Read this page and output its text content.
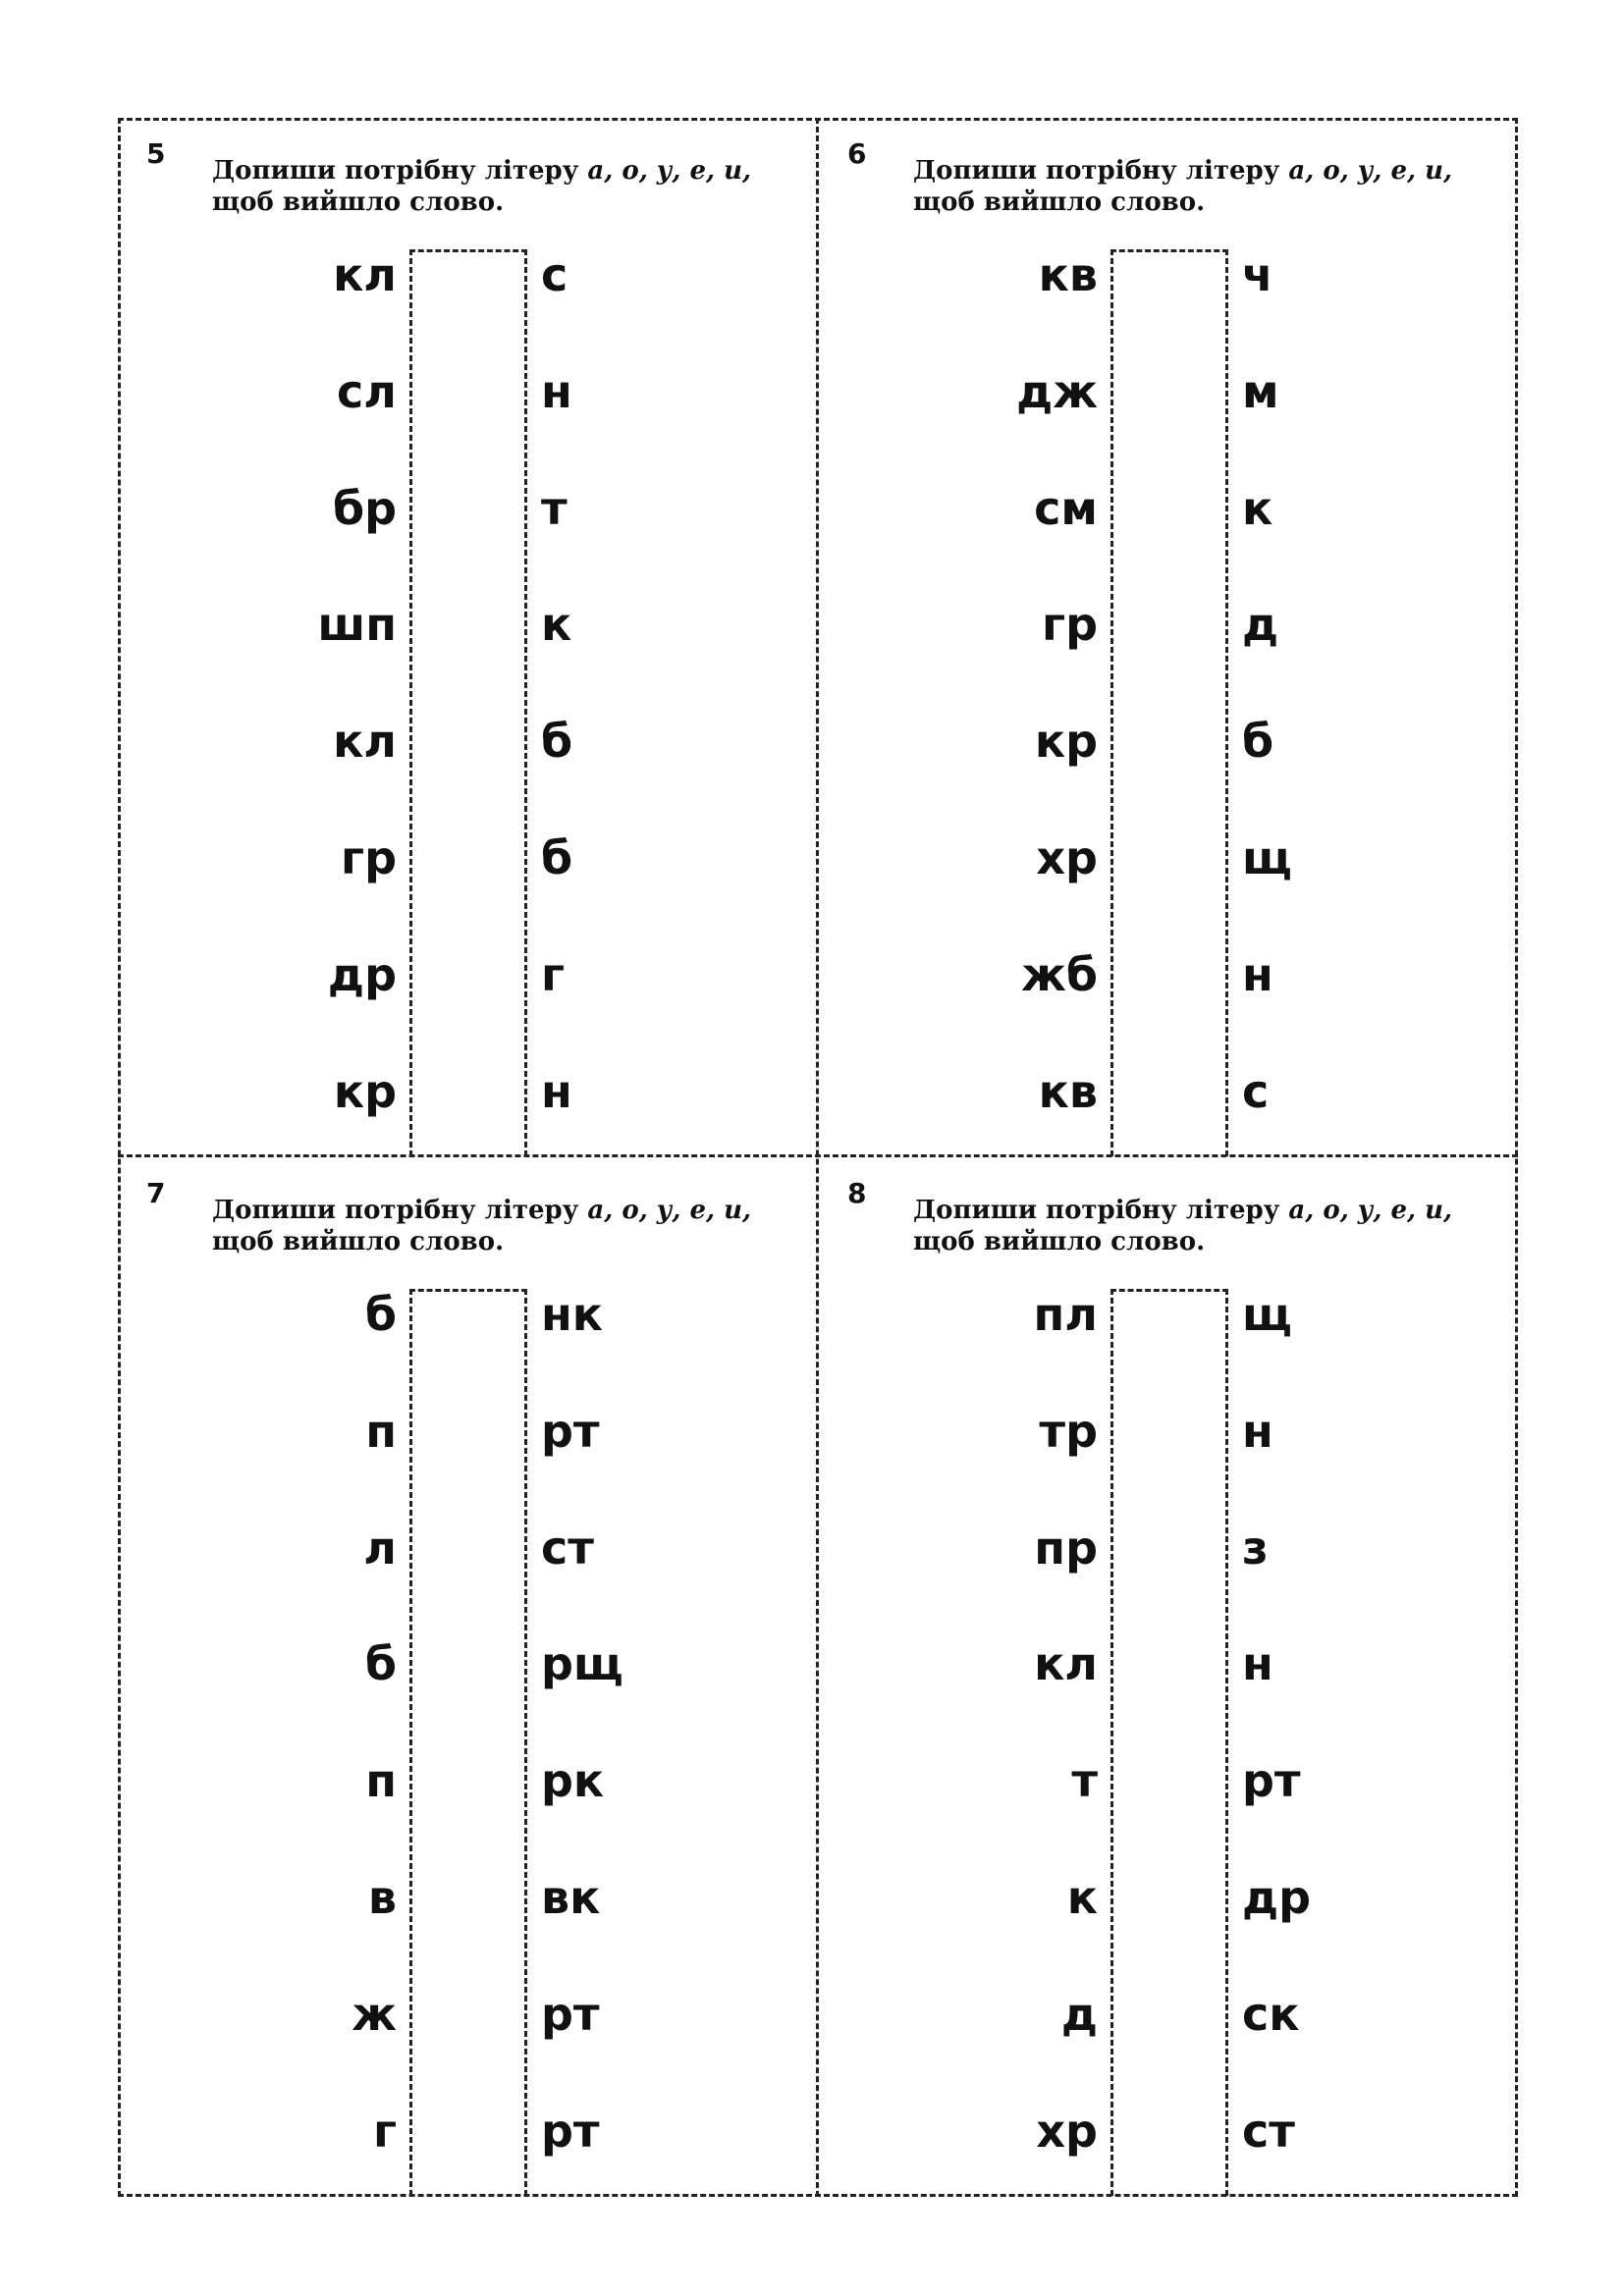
5
Допиши потрібну літеру а, о, у, е, и,
щоб вийшло слово.
кл	с
сл	н
бр	т
шп	к
кл	б
гр	б
др	г
кр	н
6
Допиши потрібну літеру а, о, у, е, и,
щоб вийшло слово.
кв	ч
дж	м
см	к
гр	д
кр	б
хр	щ
жб	н
кв	с
7
Допиши потрібну літеру а, о, у, е, и,
щоб вийшло слово.
б	нк
п	рт
л	ст
б	рщ
п	рк
в	вк
ж	рт
г	рт
8
Допиши потрібну літеру а, о, у, е, и,
щоб вийшло слово.
пл	щ
тр	н
пр	з
кл	н
т	рт
к	др
д	ск
хр	ст
